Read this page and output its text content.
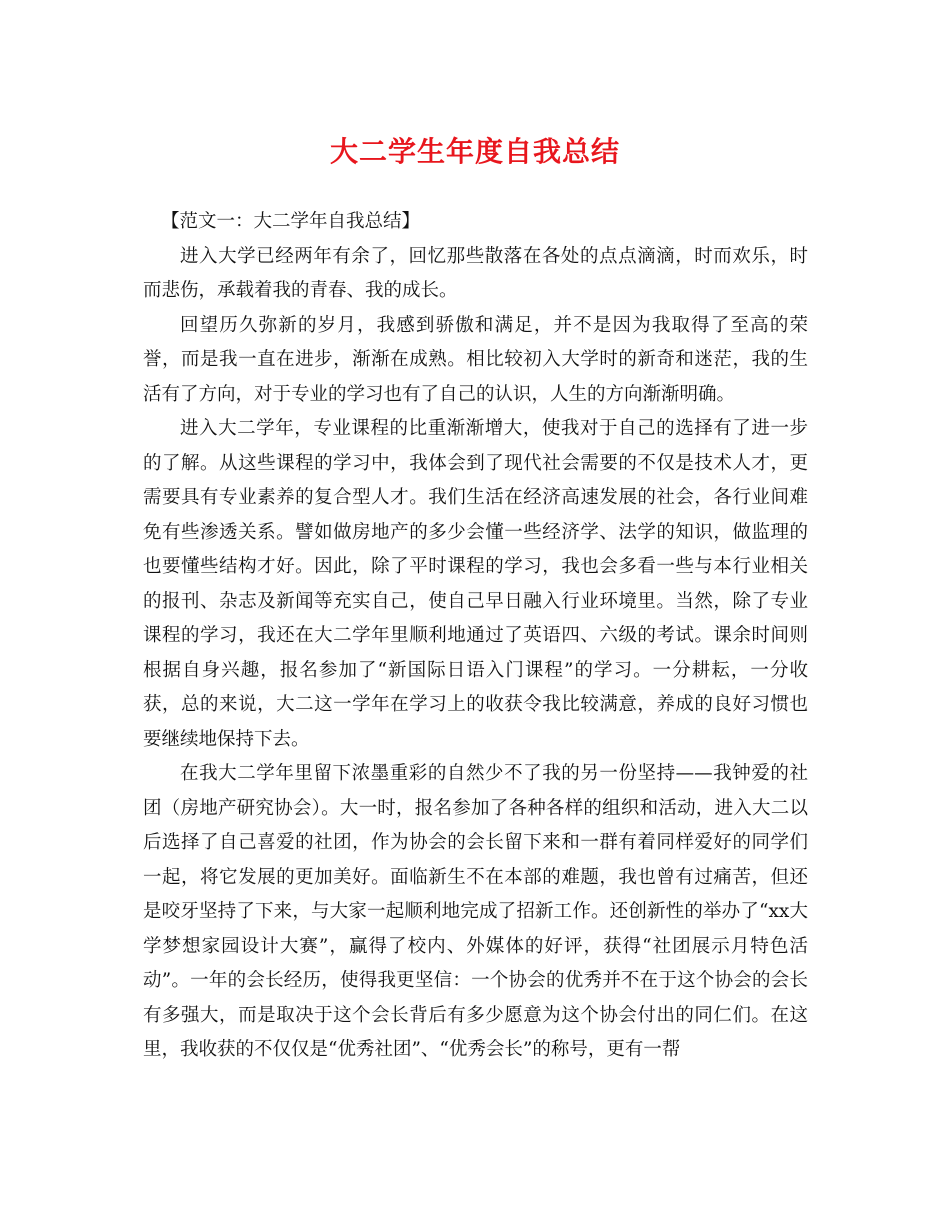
大二学生年度自我总结

【范文一：大二学年自我总结】

进入大学已经两年有余了，回忆那些散落在各处的点点滴滴，时而欢乐，时而悲伤，承载着我的青春、我的成长。

回望历久弥新的岁月，我感到骄傲和满足，并不是因为我取得了至高的荣誉，而是我一直在进步，渐渐在成熟。相比较初入大学时的新奇和迷茫，我的生活有了方向，对于专业的学习也有了自己的认识，人生的方向渐渐明确。

进入大二学年，专业课程的比重渐渐增大，使我对于自己的选择有了进一步的了解。从这些课程的学习中，我体会到了现代社会需要的不仅是技术人才，更需要具有专业素养的复合型人才。我们生活在经济高速发展的社会，各行业间难免有些渗透关系。譬如做房地产的多少会懂一些经济学、法学的知识，做监理的也要懂些结构才好。因此，除了平时课程的学习，我也会多看一些与本行业相关的报刊、杂志及新闻等充实自己，使自己早日融入行业环境里。当然，除了专业课程的学习，我还在大二学年里顺利地通过了英语四、六级的考试。课余时间则根据自身兴趣，报名参加了“新国际日语入门课程”的学习。一分耕耘，一分收获，总的来说，大二这一学年在学习上的收获令我比较满意，养成的良好习惯也要继续地保持下去。

在我大二学年里留下浓墨重彩的自然少不了我的另一份坚持——我钟爱的社团（房地产研究协会）。大一时，报名参加了各种各样的组织和活动，进入大二以后选择了自己喜爱的社团，作为协会的会长留下来和一群有着同样爱好的同学们一起，将它发展的更加美好。面临新生不在本部的难题，我也曾有过痛苦，但还是咬牙坚持了下来，与大家一起顺利地完成了招新工作。还创新性的举办了“xx大学梦想家园设计大赛”，赢得了校内、外媒体的好评，获得“社团展示月特色活动”。一年的会长经历，使得我更坚信：一个协会的优秀并不在于这个协会的会长有多强大，而是取决于这个会长背后有多少愿意为这个协会付出的同仁们。在这里，我收获的不仅仅是“优秀社团”、“优秀会长”的称号，更有一帮
